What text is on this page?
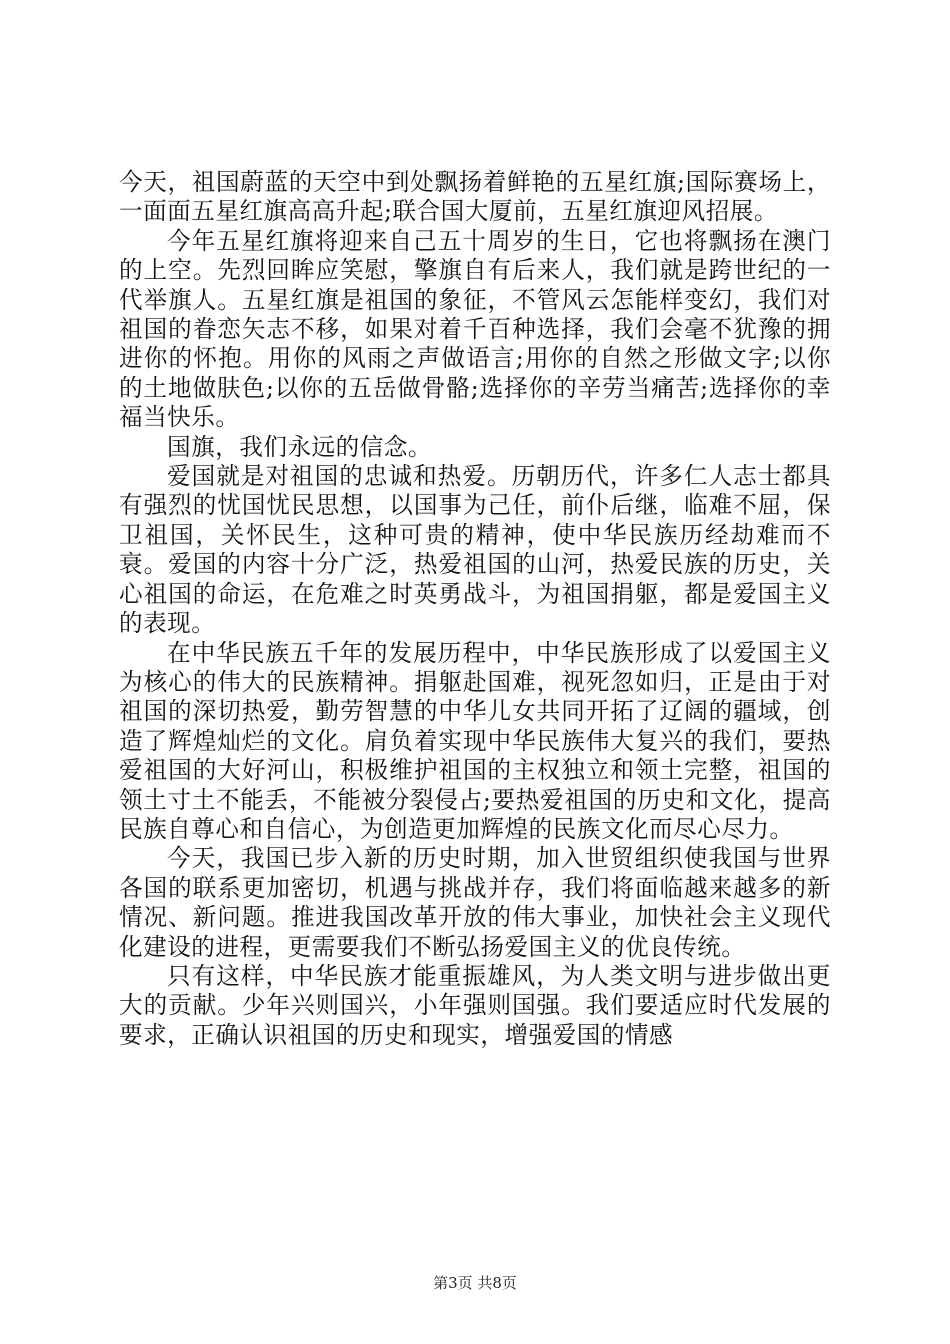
今天，祖国蔚蓝的天空中到处飘扬着鲜艳的五星红旗;国际赛场上，一面面五星红旗高高升起;联合国大厦前，五星红旗迎风招展。

今年五星红旗将迎来自己五十周岁的生日，它也将飘扬在澳门的上空。先烈回眸应笑慰，擎旗自有后来人，我们就是跨世纪的一代举旗人。五星红旗是祖国的象征，不管风云怎能样变幻，我们对祖国的眷恋矢志不移，如果对着千百种选择，我们会毫不犹豫的拥进你的怀抱。用你的风雨之声做语言;用你的自然之形做文字;以你的土地做肤色;以你的五岳做骨骼;选择你的辛劳当痛苦;选择你的幸福当快乐。

国旗，我们永远的信念。

爱国就是对祖国的忠诚和热爱。历朝历代，许多仁人志士都具有强烈的忧国忧民思想，以国事为己任，前仆后继，临难不屈，保卫祖国，关怀民生，这种可贵的精神，使中华民族历经劫难而不衰。爱国的内容十分广泛，热爱祖国的山河，热爱民族的历史，关心祖国的命运，在危难之时英勇战斗，为祖国捐躯，都是爱国主义的表现。

在中华民族五千年的发展历程中，中华民族形成了以爱国主义为核心的伟大的民族精神。捐躯赴国难，视死忽如归，正是由于对祖国的深切热爱，勤劳智慧的中华儿女共同开拓了辽阔的疆域，创造了辉煌灿烂的文化。肩负着实现中华民族伟大复兴的我们，要热爱祖国的大好河山，积极维护祖国的主权独立和领土完整，祖国的领土寸土不能丢，不能被分裂侵占;要热爱祖国的历史和文化，提高民族自尊心和自信心，为创造更加辉煌的民族文化而尽心尽力。

今天，我国已步入新的历史时期，加入世贸组织使我国与世界各国的联系更加密切，机遇与挑战并存，我们将面临越来越多的新情况、新问题。推进我国改革开放的伟大事业，加快社会主义现代化建设的进程，更需要我们不断弘扬爱国主义的优良传统。

只有这样，中华民族才能重振雄风，为人类文明与进步做出更大的贡献。少年兴则国兴，小年强则国强。我们要适应时代发展的要求，正确认识祖国的历史和现实，增强爱国的情感

第3页 共8页
